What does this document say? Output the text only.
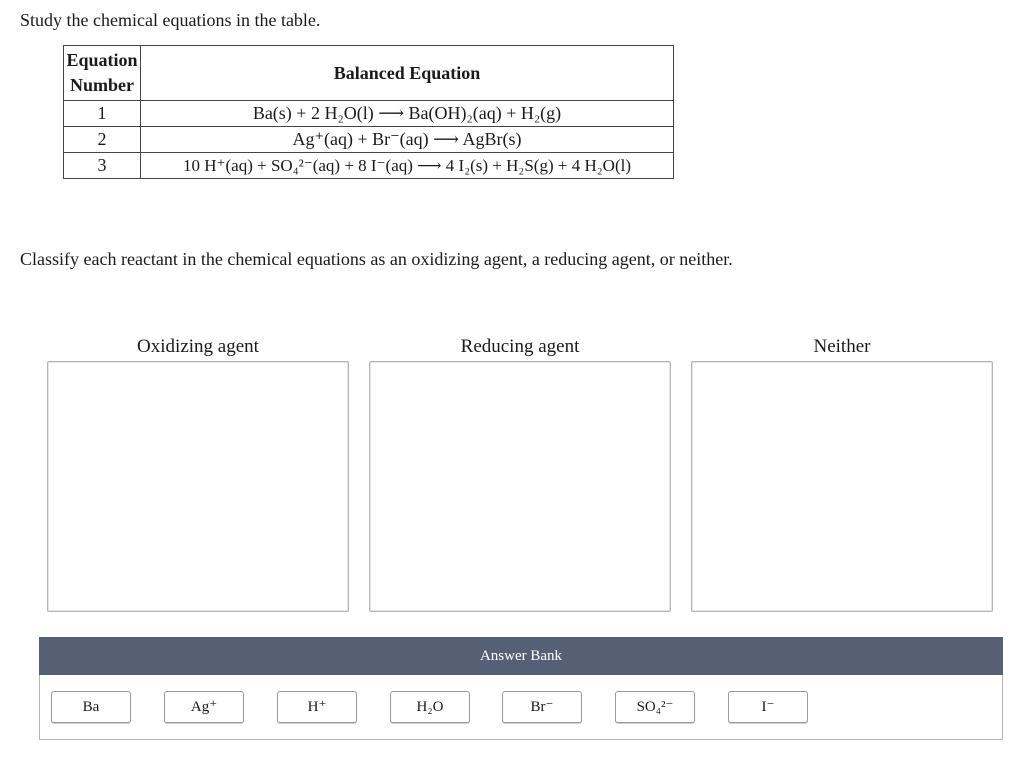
Study the chemical equations in the table.
Equation
Number	Balanced Equation
1	Ba(s) + 2 H₂O(l) ⟶ Ba(OH)₂(aq) + H₂(g)
2	Ag⁺(aq) + Br⁻(aq) ⟶ AgBr(s)
3	10 H⁺(aq) + SO₄²⁻(aq) + 8 I⁻(aq) ⟶ 4 I₂(s) + H₂S(g) + 4 H₂O(l)
Classify each reactant in the chemical equations as an oxidizing agent, a reducing agent, or neither.
Oxidizing agent	Reducing agent	Neither
Answer Bank
Ba	Ag⁺	H⁺	H₂O	Br⁻	SO₄²⁻	I⁻
